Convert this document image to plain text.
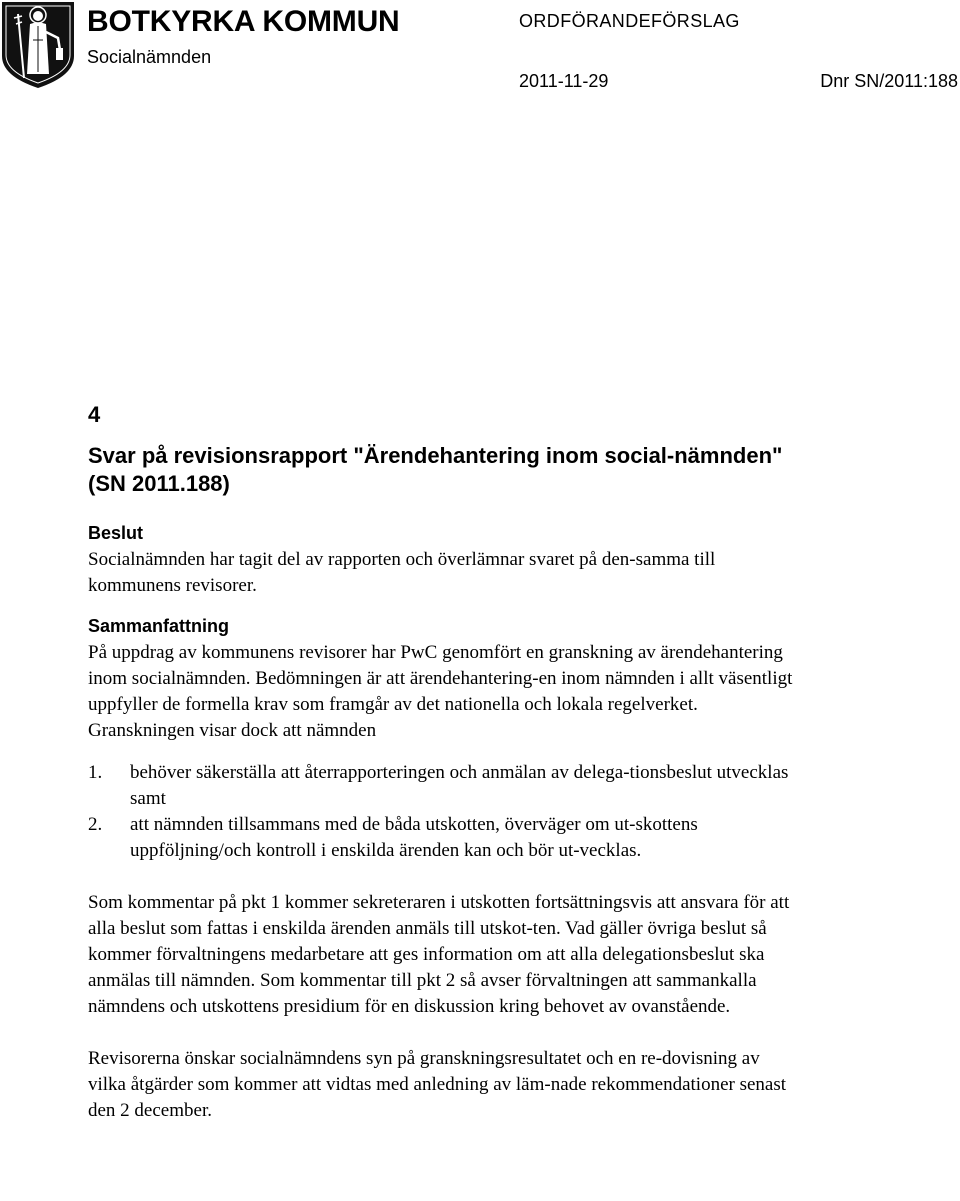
BOTKYRKA KOMMUN
Socialnämnden
ORDFÖRANDEFÖRSLAG
2011-11-29	Dnr SN/2011:188

4

Svar på revisionsrapport "Ärendehantering inom social-nämnden" (SN 2011.188)
Beslut

Socialnämnden har tagit del av rapporten och överlämnar svaret på den-samma till kommunens revisorer.

Sammanfattning

På uppdrag av kommunens revisorer har PwC genomfört en granskning av ärendehantering inom socialnämnden. Bedömningen är att ärendehantering-en inom nämnden i allt väsentligt uppfyller de formella krav som framgår av det nationella och lokala regelverket. Granskningen visar dock att nämnden

1.	behöver säkerställa att återrapporteringen och anmälan av delega-tionsbeslut utvecklas samt
2.	att nämnden tillsammans med de båda utskotten, överväger om ut-skottens uppföljning/och kontroll i enskilda ärenden kan och bör ut-vecklas.

Som kommentar på pkt 1 kommer sekreteraren i utskotten fortsättningsvis att ansvara för att alla beslut som fattas i enskilda ärenden anmäls till utskot-ten. Vad gäller övriga beslut så kommer förvaltningens medarbetare att ges information om att alla delegationsbeslut ska anmälas till nämnden. Som kommentar till pkt 2 så avser förvaltningen att sammankalla nämndens och utskottens presidium för en diskussion kring behovet av ovanstående.

Revisorerna önskar socialnämndens syn på granskningsresultatet och en re-dovisning av vilka åtgärder som kommer att vidtas med anledning av läm-nade rekommendationer senast den 2 december.
